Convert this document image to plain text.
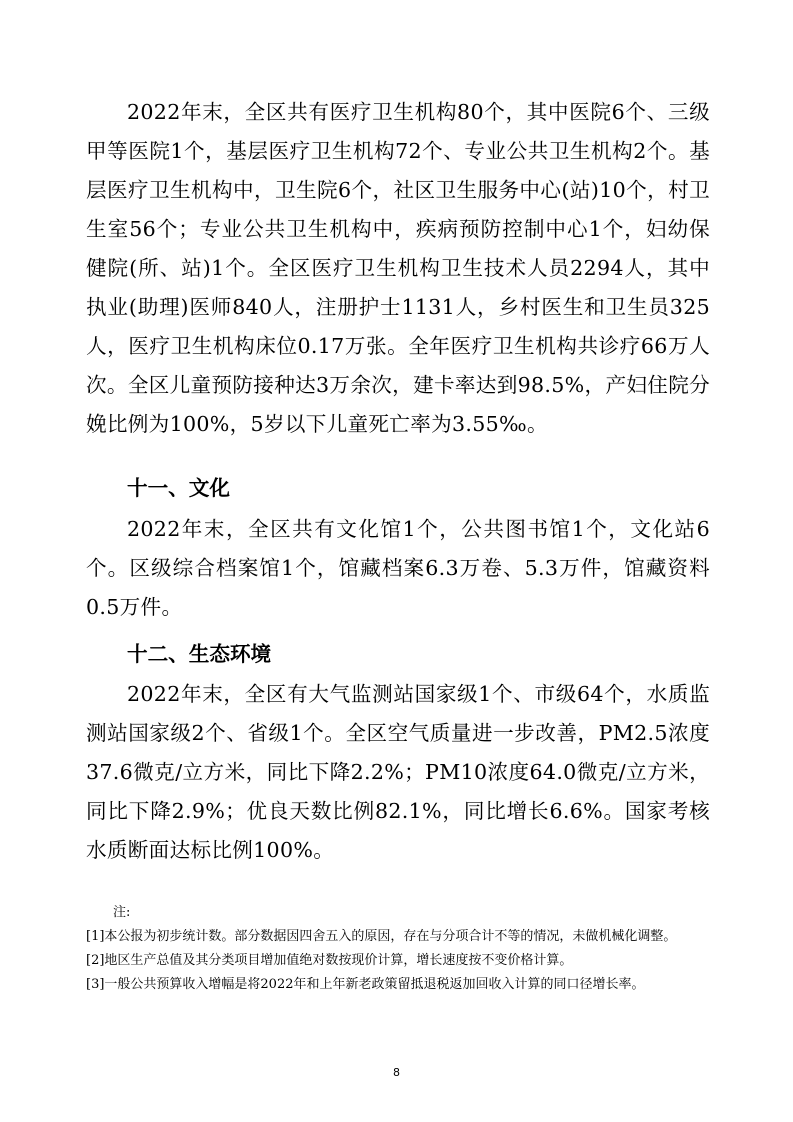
2022年末，全区共有医疗卫生机构80个，其中医院6个、三级甲等医院1个，基层医疗卫生机构72个、专业公共卫生机构2个。基层医疗卫生机构中，卫生院6个，社区卫生服务中心(站)10个，村卫生室56个；专业公共卫生机构中，疾病预防控制中心1个，妇幼保健院(所、站)1个。全区医疗卫生机构卫生技术人员2294人，其中执业(助理)医师840人，注册护士1131人，乡村医生和卫生员325人，医疗卫生机构床位0.17万张。全年医疗卫生机构共诊疗66万人次。全区儿童预防接种达3万余次，建卡率达到98.5%，产妇住院分娩比例为100%，5岁以下儿童死亡率为3.55‰。

十一、文化

2022年末，全区共有文化馆1个，公共图书馆1个，文化站6个。区级综合档案馆1个，馆藏档案6.3万卷、5.3万件，馆藏资料0.5万件。

十二、生态环境

2022年末，全区有大气监测站国家级1个、市级64个，水质监测站国家级2个、省级1个。全区空气质量进一步改善，PM2.5浓度37.6微克/立方米，同比下降2.2%；PM10浓度64.0微克/立方米，同比下降2.9%；优良天数比例82.1%，同比增长6.6%。国家考核水质断面达标比例100%。

注:
[1]本公报为初步统计数。部分数据因四舍五入的原因，存在与分项合计不等的情况，未做机械化调整。
[2]地区生产总值及其分类项目增加值绝对数按现价计算，增长速度按不变价格计算。
[3]一般公共预算收入增幅是将2022年和上年新老政策留抵退税返加回收入计算的同口径增长率。
8
